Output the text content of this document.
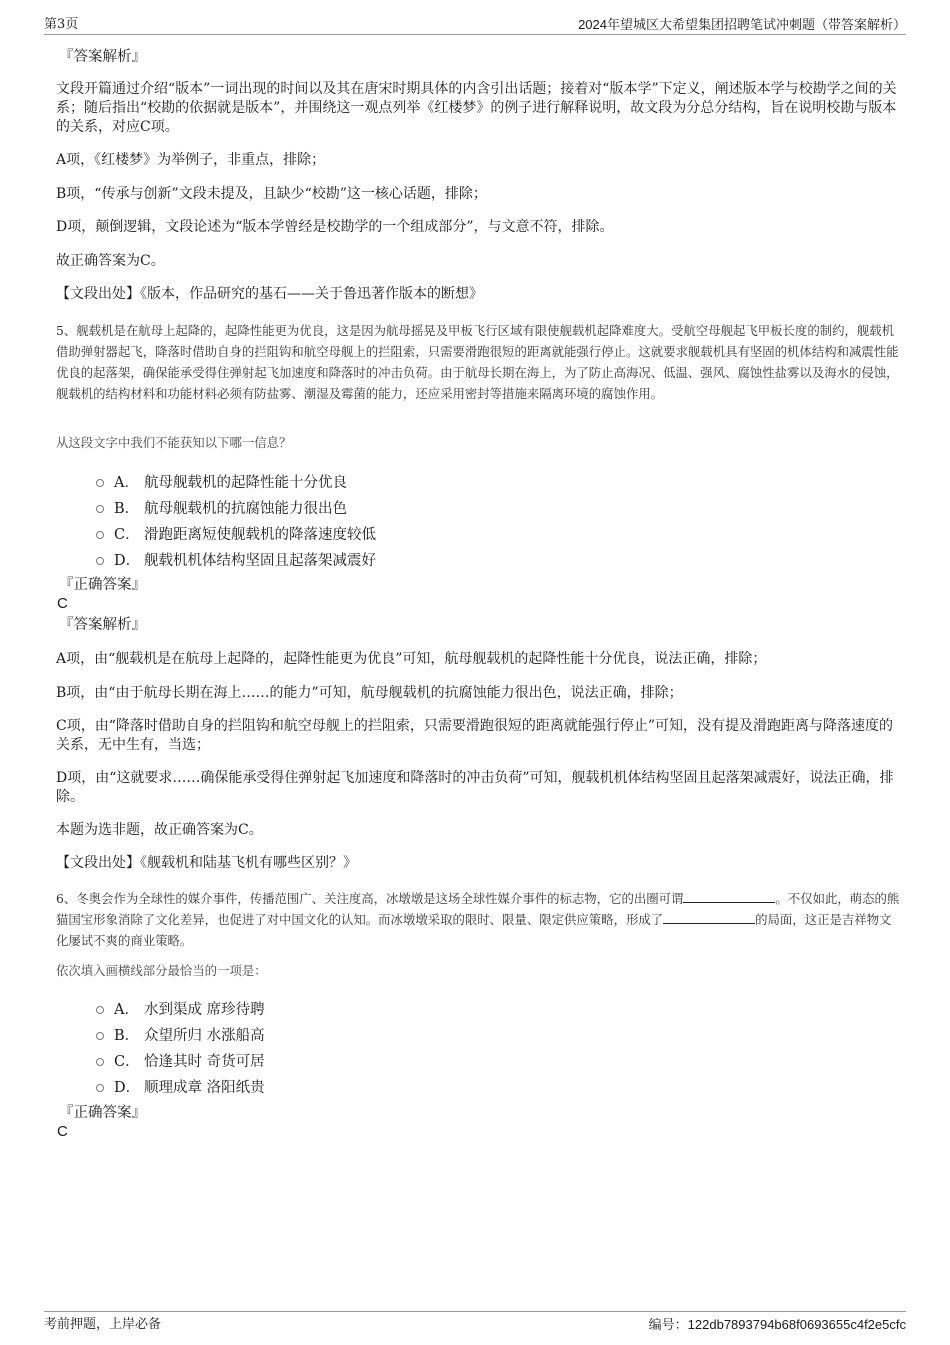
第3页	2024年望城区大希望集团招聘笔试冲刺题（带答案解析）
『答案解析』

文段开篇通过介绍“版本”一词出现的时间以及其在唐宋时期具体的内含引出话题；接着对“版本学”下定义，阐述版本学与校勘学之间的关系；随后指出“校勘的依据就是版本”，并围绕这一观点列举《红楼梦》的例子进行解释说明，故文段为分总分结构，旨在说明校勘与版本的关系，对应C项。

A项，《红楼梦》为举例子，非重点，排除；

B项，“传承与创新”文段未提及，且缺少“校勘”这一核心话题，排除；

D项，颠倒逻辑，文段论述为“版本学曾经是校勘学的一个组成部分”，与文意不符，排除。

故正确答案为C。

【文段出处】《版本，作品研究的基石——关于鲁迅著作版本的断想》

5、舰载机是在航母上起降的，起降性能更为优良，这是因为航母摇晃及甲板飞行区域有限使舰载机起降难度大。受航空母舰起飞甲板长度的制约，舰载机借助弹射器起飞，降落时借助自身的拦阻钩和航空母舰上的拦阻索，只需要滑跑很短的距离就能强行停止。这就要求舰载机具有坚固的机体结构和减震性能优良的起落架，确保能承受得住弹射起飞加速度和降落时的冲击负荷。由于航母长期在海上，为了防止高海况、低温、强风、腐蚀性盐雾以及海水的侵蚀，舰载机的结构材料和功能材料必须有防盐雾、潮湿及霉菌的能力，还应采用密封等措施来隔离环境的腐蚀作用。

从这段文字中我们不能获知以下哪一信息？

A． 航母舰载机的起降性能十分优良
B． 航母舰载机的抗腐蚀能力很出色
C． 滑跑距离短使舰载机的降落速度较低
D． 舰载机机体结构坚固且起落架减震好
『正确答案』
C
『答案解析』

A项，由“舰载机是在航母上起降的，起降性能更为优良”可知，航母舰载机的起降性能十分优良，说法正确，排除；

B项，由“由于航母长期在海上……的能力”可知，航母舰载机的抗腐蚀能力很出色，说法正确，排除；

C项，由“降落时借助自身的拦阻钩和航空母舰上的拦阻索，只需要滑跑很短的距离就能强行停止”可知，没有提及滑跑距离与降落速度的关系，无中生有，当选；

D项，由“这就要求……确保能承受得住弹射起飞加速度和降落时的冲击负荷”可知，舰载机机体结构坚固且起落架减震好，说法正确，排除。

本题为选非题，故正确答案为C。

【文段出处】《舰载机和陆基飞机有哪些区别？》

6、冬奥会作为全球性的媒介事件，传播范围广、关注度高，冰墩墩是这场全球性媒介事件的标志物，它的出圈可谓	。不仅如此，萌态的熊猫国宝形象消除了文化差异，也促进了对中国文化的认知。而冰墩墩采取的限时、限量、限定供应策略，形成了	的局面，这正是吉祥物文化屡试不爽的商业策略。

依次填入画横线部分最恰当的一项是：

A． 水到渠成 席珍待聘
B． 众望所归 水涨船高
C． 恰逢其时 奇货可居
D． 顺理成章 洛阳纸贵
『正确答案』
C
考前押题，上岸必备	编号：122db7893794b68f0693655c4f2e5cfc
